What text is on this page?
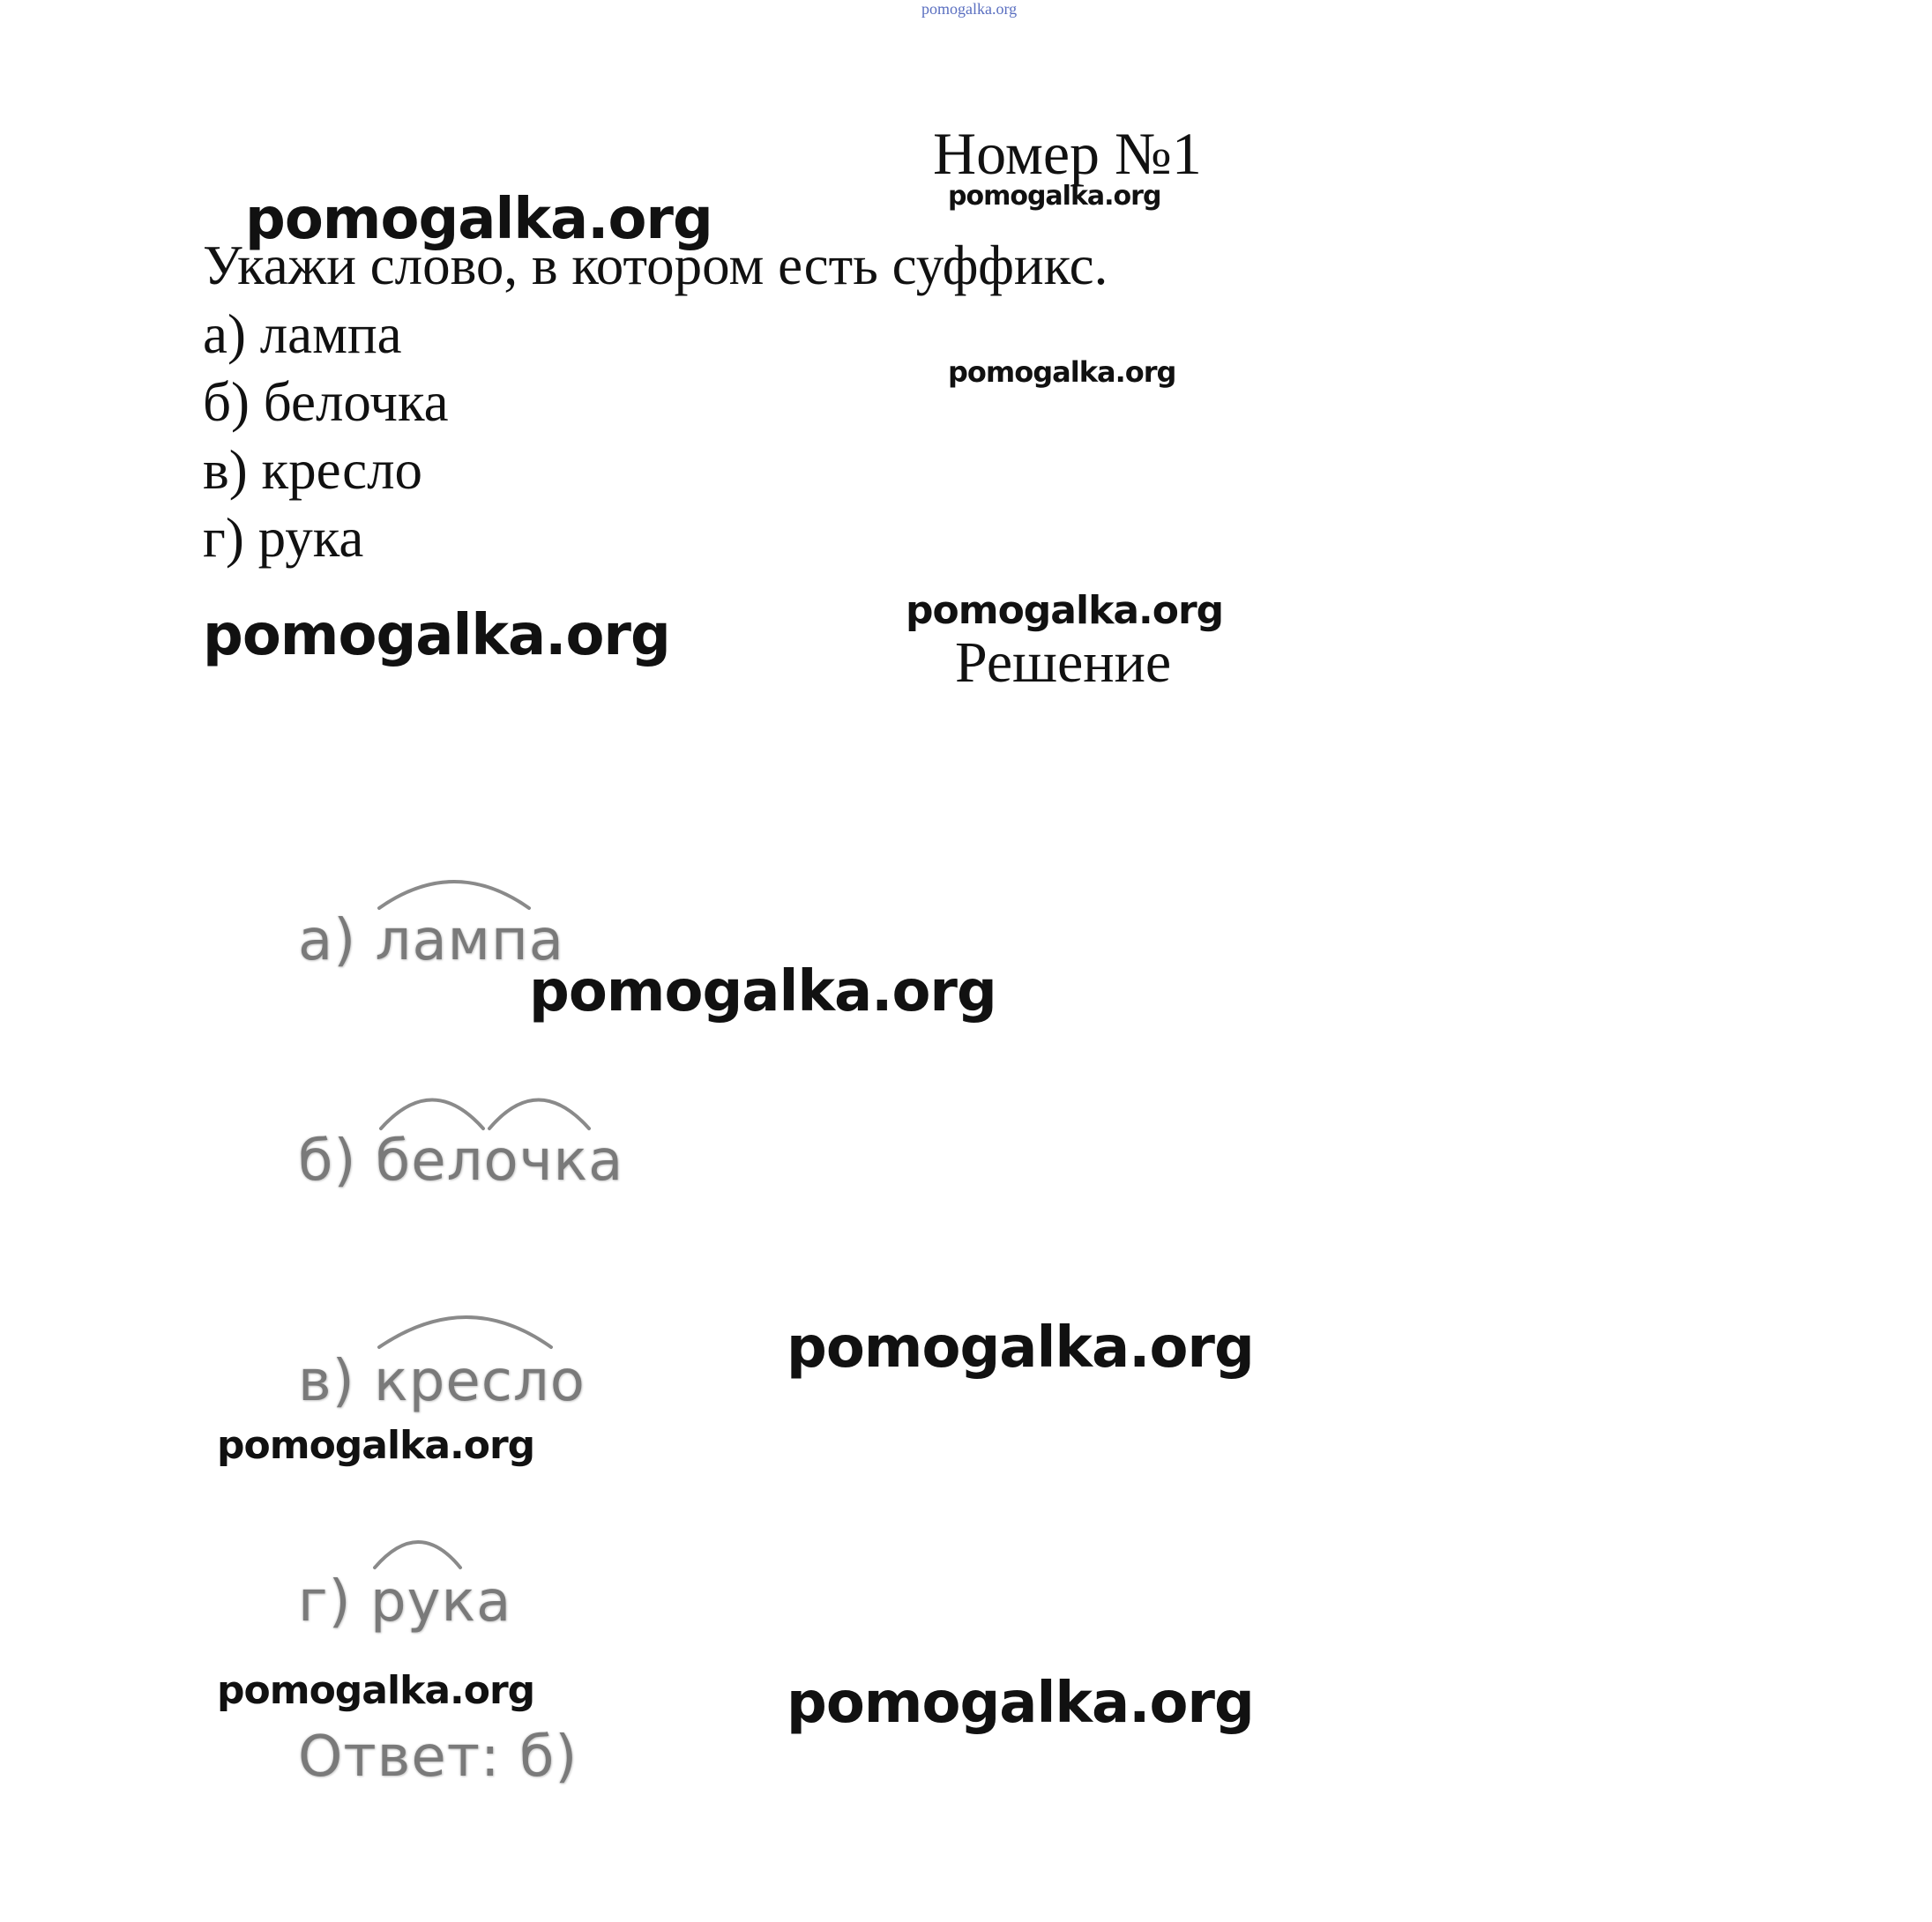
pomogalka.org
Номер №1
pomogalka.org
pomogalka.org
Укажи слово, в котором есть суффикс.
а) лампа
pomogalka.org
б) белочка
в) кресло
г) рука
pomogalka.org
pomogalka.org	Решение
а) лампа
pomogalka.org
б) белочка
pomogalka.org
в) кресло
pomogalka.org
г) рука
pomogalka.org	pomogalka.org
Ответ: б)
